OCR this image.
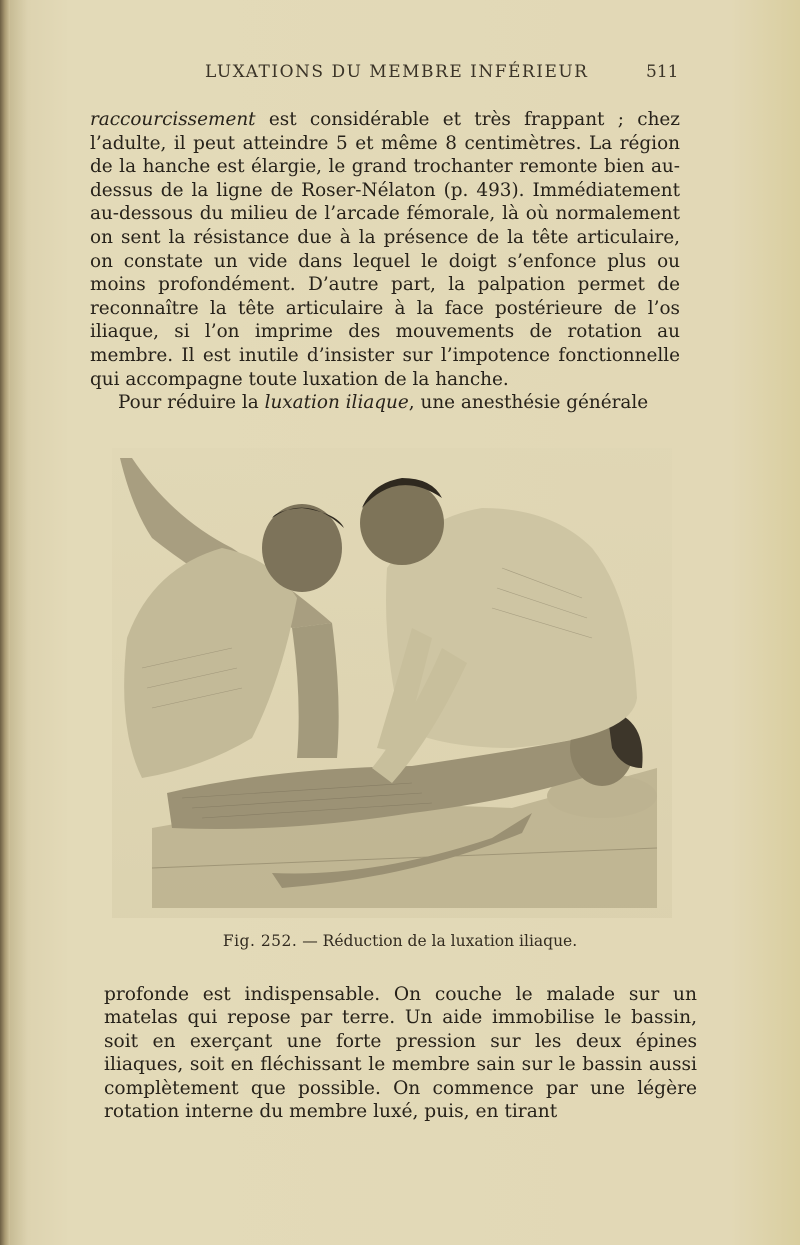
LUXATIONS DU MEMBRE INFÉRIEUR	511

raccourcissement est considérable et très frappant ; chez l’adulte, il peut atteindre 5 et même 8 centimètres. La région de la hanche est élargie, le grand trochanter remonte bien au-dessus de la ligne de Roser-Nélaton (p. 493). Immédiatement au-dessous du milieu de l’arcade fémorale, là où normalement on sent la résistance due à la présence de la tête articulaire, on constate un vide dans lequel le doigt s’enfonce plus ou moins profondément. D’autre part, la palpation permet de reconnaître la tête articulaire à la face postérieure de l’os iliaque, si l’on imprime des mouvements de rotation au membre. Il est inutile d’insister sur l’impotence fonctionnelle qui accompagne toute luxation de la hanche.

Pour réduire la luxation iliaque, une anesthésie générale

Fig. 252. — Réduction de la luxation iliaque.

profonde est indispensable. On couche le malade sur un matelas qui repose par terre. Un aide immobilise le bassin, soit en exerçant une forte pression sur les deux épines iliaques, soit en fléchissant le membre sain sur le bassin aussi complètement que possible. On commence par une légère rotation interne du membre luxé, puis, en tirant
